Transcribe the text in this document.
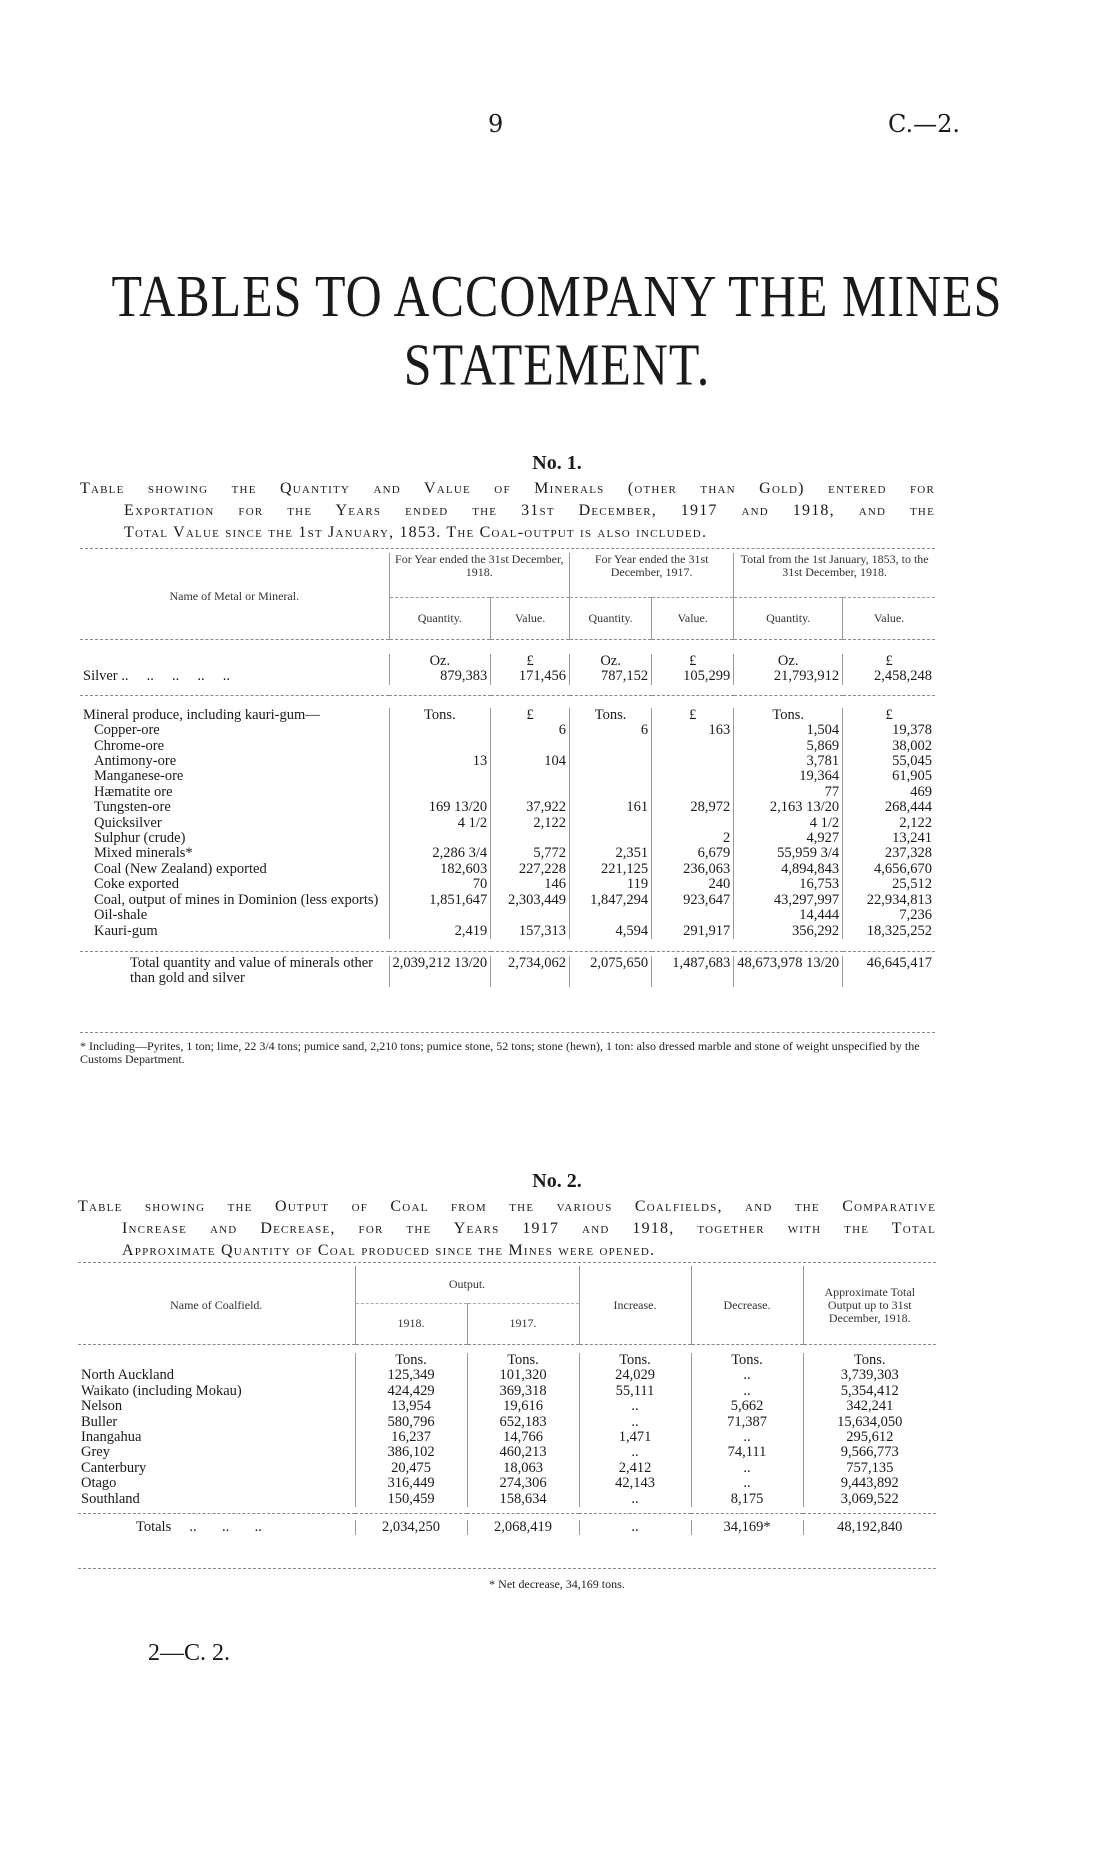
9	C.—2.
TABLES TO ACCOMPANY THE MINES STATEMENT.
No. 1.
Table showing the Quantity and Value of Minerals (other than Gold) entered for
Exportation for the Years ended the 31st December, 1917 and 1918, and the
Total Value since the 1st January, 1853. The Coal-output is also included.
Name of Metal or Mineral.	For Year ended the 31st December, 1918.		For Year ended the 31st December, 1917.		Total from the 1st January, 1853, to the 31st December, 1918.	
	Quantity.	Value.	Quantity.	Value.	Quantity.	Value.

	Oz.	£	Oz.	£	Oz.	£
Silver ..     ..     ..     ..     ..	879,383	171,456	787,152	105,299	21,793,912	2,458,248

Mineral produce, including kauri-gum—	Tons.	£	Tons.	£	Tons.	£
Copper-ore		6	6	163	1,504	19,378
Chrome-ore					5,869	38,002
Antimony-ore	13	104			3,781	55,045
Manganese-ore					19,364	61,905
Hæmatite ore					77	469
Tungsten-ore	169 13/20	37,922	161	28,972	2,163 13/20	268,444
Quicksilver	4 1/2	2,122			4 1/2	2,122
Sulphur (crude)				2	4,927	13,241
Mixed minerals*	2,286 3/4	5,772	2,351	6,679	55,959 3/4	237,328
Coal (New Zealand) exported	182,603	227,228	221,125	236,063	4,894,843	4,656,670
Coke exported	70	146	119	240	16,753	25,512
Coal, output of mines in Dominion (less exports)	1,851,647	2,303,449	1,847,294	923,647	43,297,997	22,934,813
Oil-shale					14,444	7,236
Kauri-gum	2,419	157,313	4,594	291,917	356,292	18,325,252

Total quantity and value of minerals other than gold and silver	2,039,212 13/20	2,734,062	2,075,650	1,487,683	48,673,978 13/20	46,645,417
* Including—Pyrites, 1 ton; lime, 22 3/4 tons; pumice sand, 2,210 tons; pumice stone, 52 tons; stone (hewn), 1 ton: also dressed marble and stone of weight unspecified by the Customs Department.
No. 2.
Table showing the Output of Coal from the various Coalfields, and the Comparative
Increase and Decrease, for the Years 1917 and 1918, together with the Total
Approximate Quantity of Coal produced since the Mines were opened.
Name of Coalfield.	Output.		Increase.	Decrease.	Approximate Total Output up to 31st December, 1918.
	1918.	1917.			

	Tons.	Tons.	Tons.	Tons.	Tons.
North Auckland	125,349	101,320	24,029	..	3,739,303
Waikato (including Mokau)	424,429	369,318	55,111	..	5,354,412
Nelson	13,954	19,616	..	5,662	342,241
Buller	580,796	652,183	..	71,387	15,634,050
Inangahua	16,237	14,766	1,471	..	295,612
Grey	386,102	460,213	..	74,111	9,566,773
Canterbury	20,475	18,063	2,412	..	757,135
Otago	316,449	274,306	42,143	..	9,443,892
Southland	150,459	158,634	..	8,175	3,069,522

Totals     ..       ..       ..	2,034,250	2,068,419	..	34,169*	48,192,840
* Net decrease, 34,169 tons.
2—C. 2.
